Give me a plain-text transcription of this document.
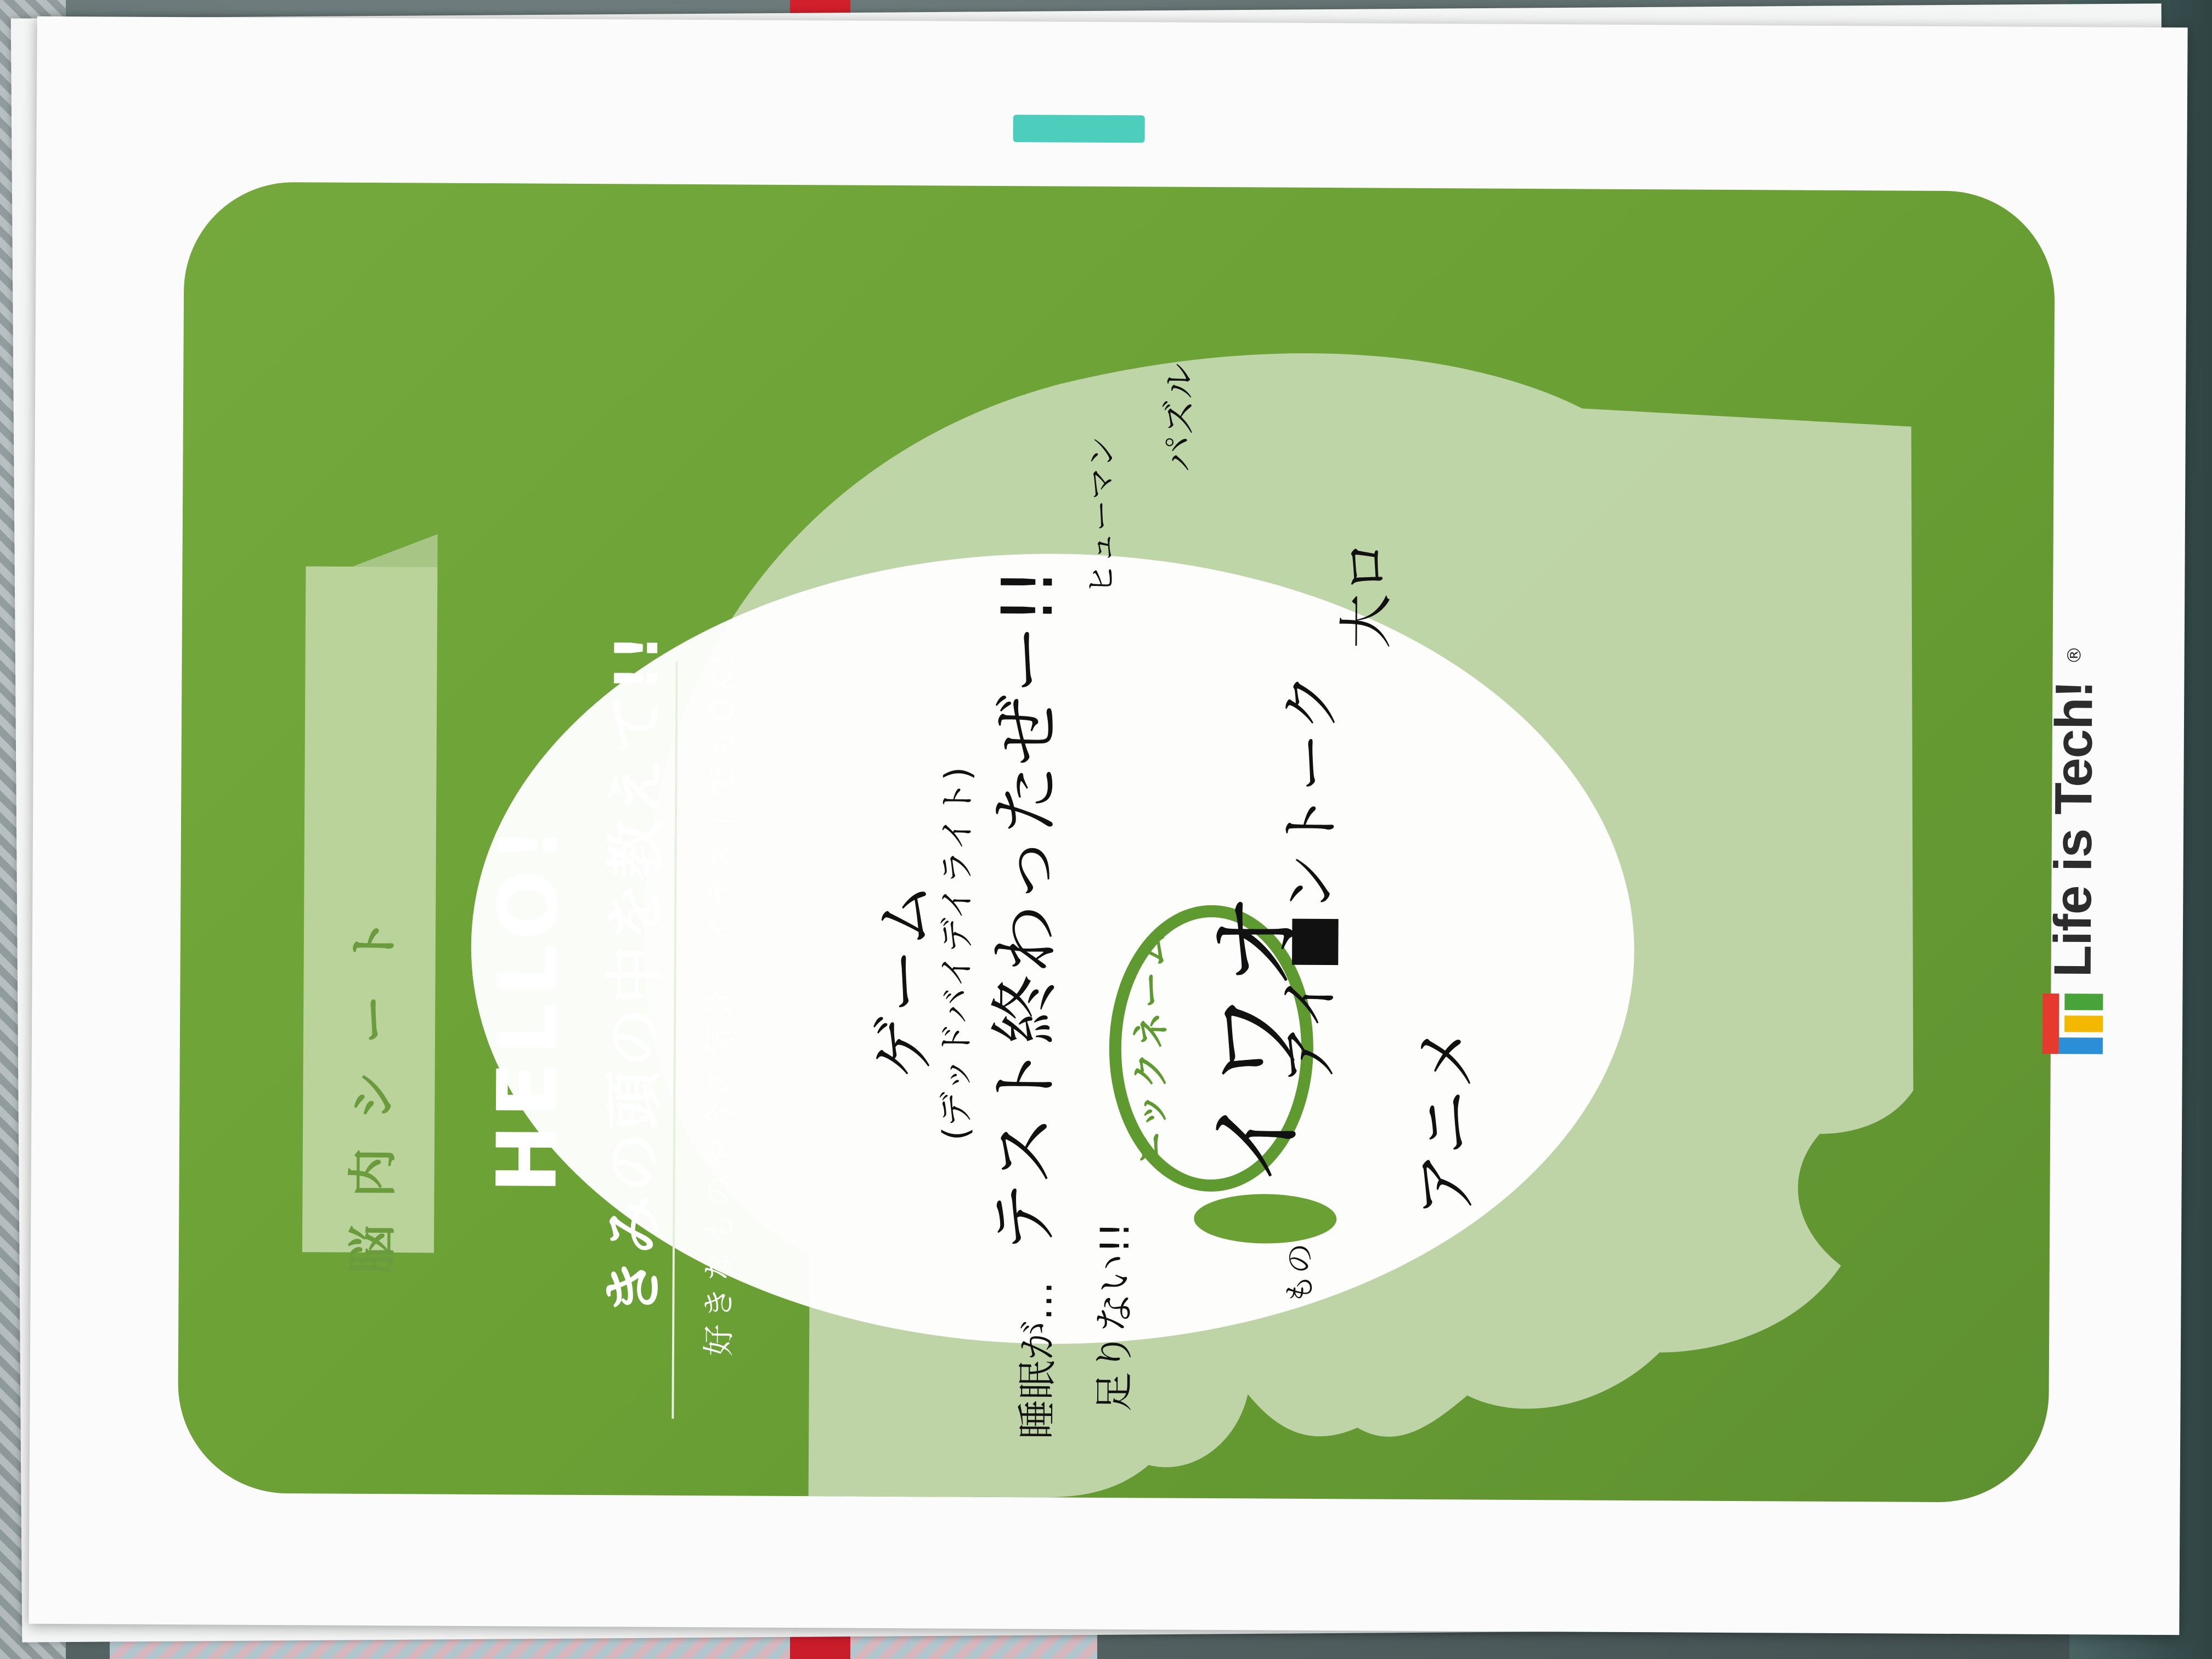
脳内シート HELLO! きみの頭の中を教えて!! 好きなものや今の気分、イラストでもOK!	ニックネーム イワオ
ゲーム
(デッドバイデイライト) テスト終わったぜー!!
ヒューマン
パズル
睡眠が… 足りない!!
アイ■ントーク
もの
アニメ
大ロ
Life is Tech!
®
